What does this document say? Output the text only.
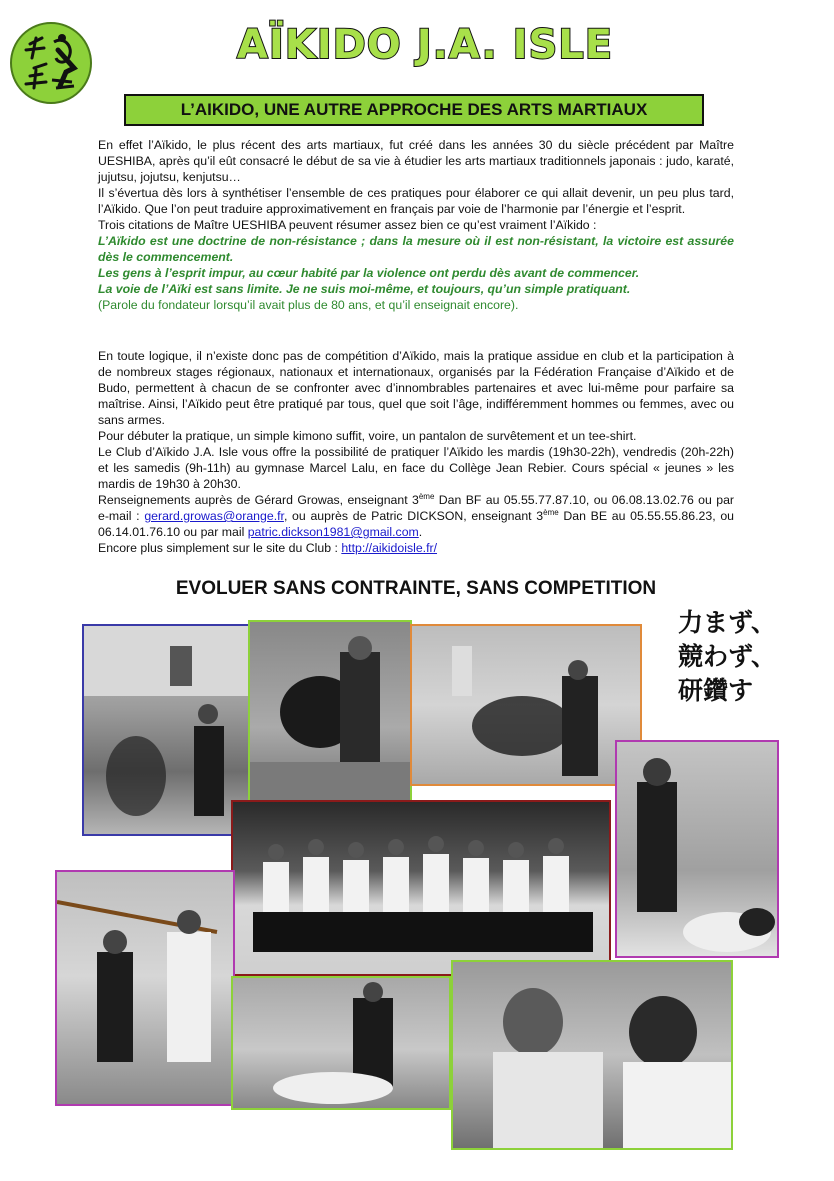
AÏKIDO J.A. ISLE
L’AIKIDO, UNE AUTRE APPROCHE DES ARTS MARTIAUX

En effet l’Aïkido, le plus récent des arts martiaux, fut créé dans les années 30 du siècle précédent par Maître UESHIBA, après qu’il eût consacré le début de sa vie à étudier les arts martiaux traditionnels japonais : judo, karaté, jujutsu, jojutsu, kenjutsu…

Il s’évertua dès lors à synthétiser l’ensemble de ces pratiques pour élaborer ce qui allait devenir, un peu plus tard, l’Aïkido. Que l’on peut traduire approximativement en français par voie de l’harmonie par l’énergie et l’esprit.

Trois citations de Maître UESHIBA peuvent résumer assez bien ce qu’est vraiment l’Aïkido :

L’Aïkido est une doctrine de non-résistance ; dans la mesure où il est non-résistant, la victoire est assurée dès le commencement.

Les gens à l’esprit impur, au cœur habité par la violence ont perdu dès avant de commencer.

La voie de l’Aïki est sans limite. Je ne suis moi-même, et toujours, qu’un simple pratiquant.

(Parole du fondateur lorsqu’il avait plus de 80 ans, et qu’il enseignait encore).

En toute logique, il n’existe donc pas de compétition d’Aïkido, mais la pratique assidue en club et la participation à de nombreux stages régionaux, nationaux et internationaux, organisés par la Fédération Française d’Aïkido et de Budo, permettent à chacun de se confronter avec d’innombrables partenaires et avec lui-même pour parfaire sa maîtrise. Ainsi, l’Aïkido peut être pratiqué par tous, quel que soit l’âge, indifféremment hommes ou femmes, avec ou sans armes.

Pour débuter la pratique, un simple kimono suffit, voire, un pantalon de survêtement et un tee-shirt.

Le Club d’Aïkido J.A. Isle vous offre la possibilité de pratiquer l’Aïkido les mardis (19h30-22h), vendredis (20h-22h) et les samedis (9h-11h) au gymnase Marcel Lalu, en face du Collège Jean Rebier. Cours spécial « jeunes » les mardis de 19h30 à 20h30.

Renseignements auprès de Gérard Growas, enseignant 3ème Dan BF au 05.55.77.87.10, ou 06.08.13.02.76 ou par e-mail : gerard.growas@orange.fr, ou auprès de Patric DICKSON, enseignant 3ème Dan BE au 05.55.55.86.23, ou 06.14.01.76.10 ou par mail patric.dickson1981@gmail.com.

Encore plus simplement sur le site du Club : http://aikidoisle.fr/

EVOLUER SANS CONTRAINTE, SANS COMPETITION
力まず、
競わず、
研鑽す
